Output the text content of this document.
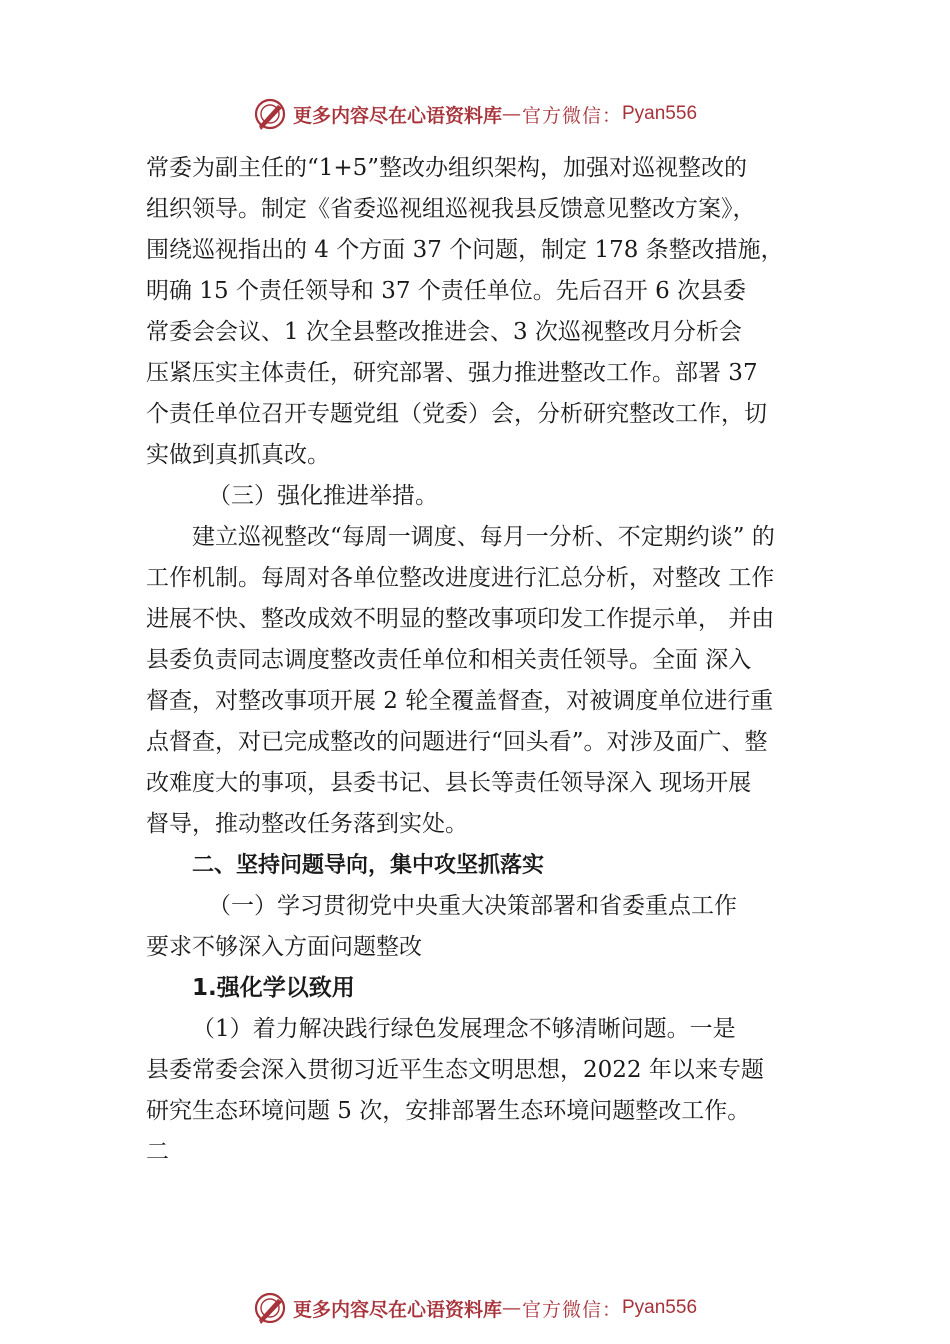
更多内容尽在心语资料库 — 官方微信： Pyan556
常委为副主任的“1+5”整改办组织架构，加强对巡视整改的
组织领导。制定《省委巡视组巡视我县反馈意见整改方案》，
围绕巡视指出的 4 个方面 37 个问题，制定 178 条整改措施，
明确 15 个责任领导和 37 个责任单位。先后召开 6 次县委
常委会会议、1 次全县整改推进会、3 次巡视整改月分析会
压紧压实主体责任，研究部署、强力推进整改工作。部署 37
个责任单位召开专题党组（党委）会，分析研究整改工作，切
实做到真抓真改。
（三）强化推进举措。
建立巡视整改“每周一调度、每月一分析、不定期约谈” 的
工作机制。每周对各单位整改进度进行汇总分析，对整改 工作
进展不快、整改成效不明显的整改事项印发工作提示单， 并由
县委负责同志调度整改责任单位和相关责任领导。全面 深入
督查，对整改事项开展 2 轮全覆盖督查，对被调度单位进行重
点督查，对已完成整改的问题进行“回头看”。对涉及面广、整
改难度大的事项，县委书记、县长等责任领导深入 现场开展
督导，推动整改任务落到实处。
二、坚持问题导向，集中攻坚抓落实
（一）学习贯彻党中央重大决策部署和省委重点工作
要求不够深入方面问题整改
1.强化学以致用
（1）着力解决践行绿色发展理念不够清晰问题。一是
县委常委会深入贯彻习近平生态文明思想，2022 年以来专题
研究生态环境问题 5 次，安排部署生态环境问题整改工作。
二
更多内容尽在心语资料库 — 官方微信： Pyan556
